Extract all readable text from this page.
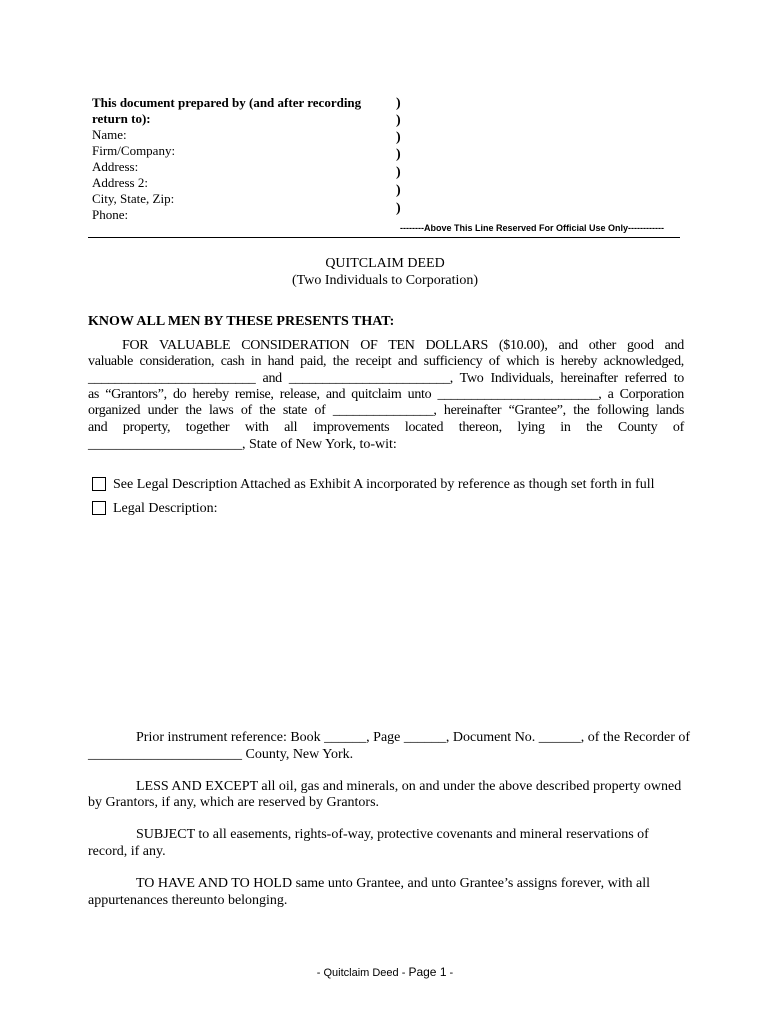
This document prepared by (and after recording
return to):
Name:
Firm/Company:
Address:
Address 2:
City, State, Zip:
Phone:
)
)
)
)
)
)
)
--------Above This Line Reserved For Official Use Only------------
QUITCLAIM DEED
(Two Individuals to Corporation)
KNOW ALL MEN BY THESE PRESENTS THAT:
FOR VALUABLE CONSIDERATION OF TEN DOLLARS ($10.00), and other good and
valuable consideration, cash in hand paid, the receipt and sufficiency of which is hereby acknowledged,
_________________________ and ________________________, Two Individuals, hereinafter referred to
as “Grantors”, do hereby remise, release, and quitclaim unto ________________________, a Corporation
organized under the laws of the state of _______________, hereinafter “Grantee”, the following lands
and property, together with all improvements located thereon, lying in the County of
______________________, State of New York, to-wit:
See Legal Description Attached as Exhibit A incorporated by reference as though set forth in full
Legal Description:
Prior instrument reference: Book ______, Page ______, Document No. ______, of the Recorder of
______________________ County, New York.
LESS AND EXCEPT all oil, gas and minerals, on and under the above described property owned
by Grantors, if any, which are reserved by Grantors.
SUBJECT to all easements, rights-of-way, protective covenants and mineral reservations of
record, if any.
TO HAVE AND TO HOLD same unto Grantee, and unto Grantee’s assigns forever, with all
appurtenances thereunto belonging.
- Quitclaim Deed - Page 1 -
